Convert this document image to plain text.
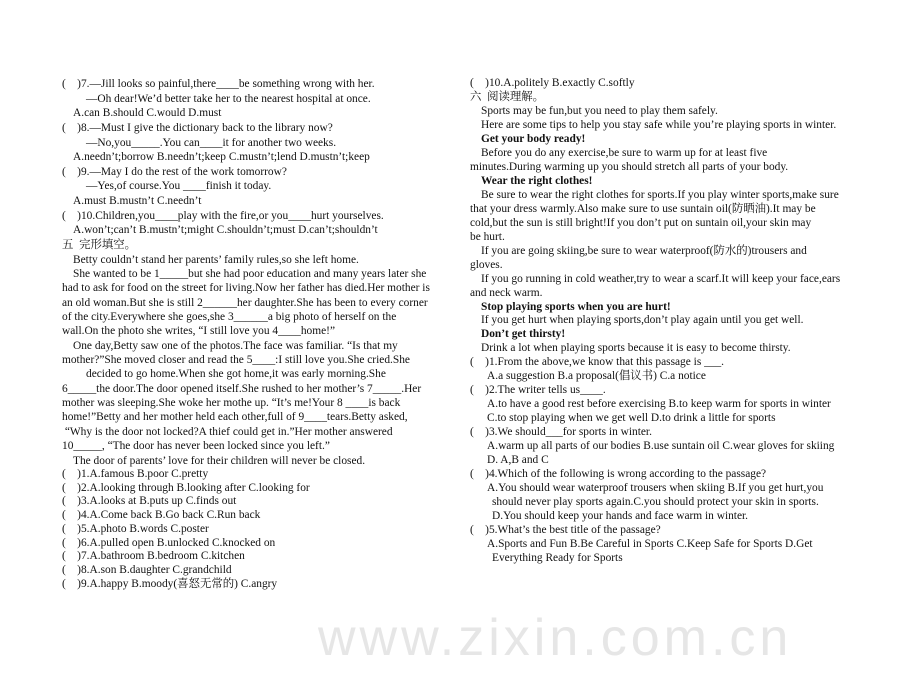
www.zixin.com.cn
(    )7.—Jill looks so painful,there____be something wrong with her.
—Oh dear!We’d better take her to the nearest hospital at once.
A.can B.should C.would D.must
(    )8.—Must I give the dictionary back to the library now?
—No,you_____.You can____it for another two weeks.
A.needn’t;borrow B.needn’t;keep C.mustn’t;lend D.mustn’t;keep
(    )9.—May I do the rest of the work tomorrow?
—Yes,of course.You ____finish it today.
A.must B.mustn’t C.needn’t
(    )10.Children,you____play with the fire,or you____hurt yourselves.
A.won’t;can’t B.mustn’t;might C.shouldn’t;must D.can’t;shouldn’t
五  完形填空。
Betty couldn’t stand her parents’ family rules,so she left home.
She wanted to be 1_____but she had poor education and many years later she
had to ask for food on the street for living.Now her father has died.Her mother is
an old woman.But she is still 2______her daughter.She has been to every corner
of the city.Everywhere she goes,she 3______a big photo of herself on the
wall.On the photo she writes, “I still love you 4____home!”
One day,Betty saw one of the photos.The face was familiar. “Is that my
mother?”She moved closer and read the 5____:I still love you.She cried.She
decided to go home.When she got home,it was early morning.She
6_____the door.The door opened itself.She rushed to her mother’s 7_____.Her
mother was sleeping.She woke her mothe up. “It’s me!Your 8 ____is back
home!”Betty and her mother held each other,full of 9____tears.Betty asked,
“Why is the door not locked?A thief could get in.”Her mother answered
10_____, “The door has never been locked since you left.”
The door of parents’ love for their children will never be closed.
(    )1.A.famous B.poor C.pretty
(    )2.A.looking through B.looking after C.looking for
(    )3.A.looks at B.puts up C.finds out
(    )4.A.Come back B.Go back C.Run back
(    )5.A.photo B.words C.poster
(    )6.A.pulled open B.unlocked C.knocked on
(    )7.A.bathroom B.bedroom C.kitchen
(    )8.A.son B.daughter C.grandchild
(    )9.A.happy B.moody(喜怒无常的) C.angry
(    )10.A.politely B.exactly C.softly
六  阅读理解。
Sports may be fun,but you need to play them safely.
Here are some tips to help you stay safe while you’re playing sports in winter.
Get your body ready!
Before you do any exercise,be sure to warm up for at least five
minutes.During warming up you should stretch all parts of your body.
Wear the right clothes!
Be sure to wear the right clothes for sports.If you play winter sports,make sure
that your dress warmly.Also make sure to use suntain oil(防晒油).It may be
cold,but the sun is still bright!If you don’t put on suntain oil,your skin may
be hurt.
If you are going skiing,be sure to wear waterproof(防水的)trousers and
gloves.
If you go running in cold weather,try to wear a scarf.It will keep your face,ears
and neck warm.
Stop playing sports when you are hurt!
If you get hurt when playing sports,don’t play again until you get well.
Don’t get thirsty!
Drink a lot when playing sports because it is easy to become thirsty.
(    )1.From the above,we know that this passage is ___.
A.a suggestion B.a proposal(倡议书) C.a notice
(    )2.The writer tells us____.
A.to have a good rest before exercising B.to keep warm for sports in winter
C.to stop playing when we get well D.to drink a little for sports
(    )3.We should___for sports in winter.
A.warm up all parts of our bodies B.use suntain oil C.wear gloves for skiing
D. A,B and C
(    )4.Which of the following is wrong according to the passage?
A.You should wear waterproof trousers when skiing B.If you get hurt,you
should never play sports again.C.you should protect your skin in sports.
D.You should keep your hands and face warm in winter.
(    )5.What’s the best title of the passage?
A.Sports and Fun B.Be Careful in Sports C.Keep Safe for Sports D.Get
Everything Ready for Sports
